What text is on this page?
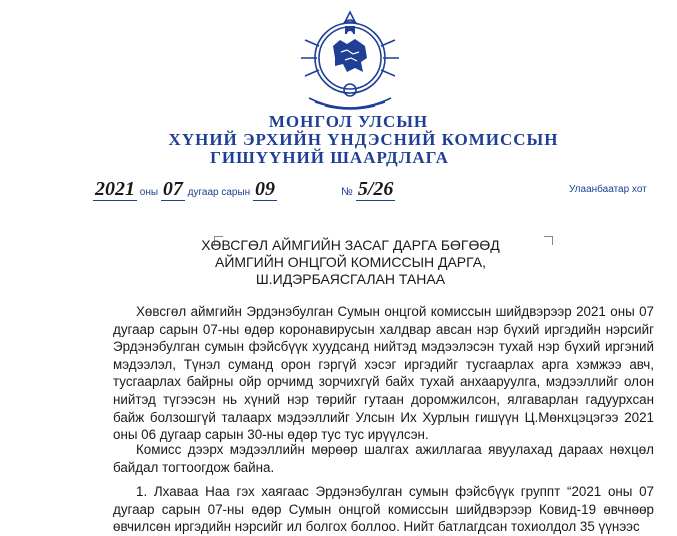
МОНГОЛ УЛСЫН
ХҮНИЙ ЭРХИЙН ҮНДЭСНИЙ КОМИССЫН
ГИШҮҮНИЙ ШААРДЛАГА
2021 оны 07 дугаар сарын 09	№ 5/26	Улаанбаатар хот
ХӨВСГӨЛ АЙМГИЙН ЗАСАГ ДАРГА БӨГӨӨД
АЙМГИЙН ОНЦГОЙ КОМИССЫН ДАРГА,
Ш.ИДЭРБАЯСГАЛАН ТАНАА
Хөвсгөл аймгийн Эрдэнэбулган Сумын онцгой комиссын шийдвэрээр 2021 оны 07 дугаар сарын 07-ны өдөр коронавирусын халдвар авсан нэр бүхий иргэдийн нэрсийг Эрдэнэбулган сумын фэйсбүүк хуудсанд нийтэд мэдээлэсэн тухай нэр бүхий иргэний мэдээлэл, Түнэл суманд орон гэргүй хэсэг иргэдийг тусгаарлах арга хэмжээ авч, тусгаарлах байрны ойр орчимд зорчихгүй байх тухай анхааруулга, мэдээллийг олон нийтэд түгээсэн нь хүний нэр төрийг гутаан доромжилсон, ялгаварлан гадуурхсан байж болзошгүй талаарх мэдээллийг Улсын Их Хурлын гишүүн Ц.Мөнхцэцэгээ 2021 оны 06 дугаар сарын 30-ны өдөр тус тус ирүүлсэн.
Комисс дээрх мэдээллийн мөрөөр шалгах ажиллагаа явуулахад дараах нөхцөл байдал тогтоогдож байна.
1. Лхаваа Наа гэх хаягаас Эрдэнэбулган сумын фэйсбүүк группт “2021 оны 07 дугаар сарын 07-ны өдөр Сумын онцгой комиссын шийдвэрээр Ковид-19 өвчнөөр өвчилсөн иргэдийн нэрсийг ил болгох боллоо. Нийт батлагдсан тохиолдол 35 үүнээс
